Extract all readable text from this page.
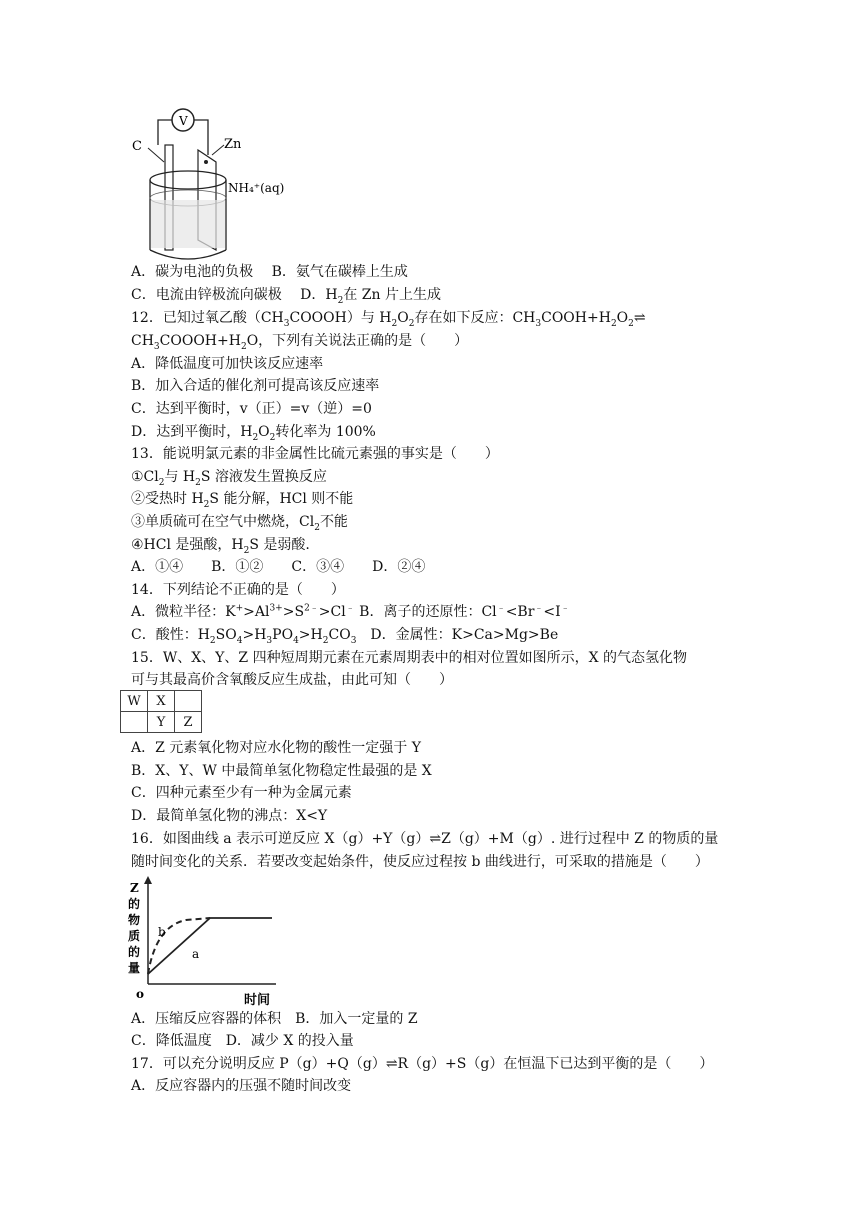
V
C	Zn
NH₄⁺(aq)
A．碳为电池的负极　 B．氨气在碳棒上生成
C．电流由锌极流向碳极　 D．$H_2$在 Zn 片上生成
12．已知过氧乙酸$(CH_3COOOH)$与 $H_2O_2$存在如下反应：$CH_3COOH+H_2O_2\rightleftharpoons$
$CH_3COOOH+H_2O$，下列有关说法正确的是（　　）
A．降低温度可加快该反应速率
B．加入合适的催化剂可提高该反应速率
C．达到平衡时，v（正）=v（逆）=0
D．达到平衡时，$H_2O_2$转化率为 100%
13．能说明氯元素的非金属性比硫元素强的事实是（　　）
$①Cl_2$与 $H_2S$ 溶液发生置换反应
②受热时 $H_2S$ 能分解，HCl 则不能
③单质硫可在空气中燃烧，$Cl_2$不能
④HCl 是强酸，$H_2S$ 是弱酸.
A．①④　　B．①②　　C．③④　　D．②④
14．下列结论不正确的是（　　）
A．微粒半径：$K^+>Al^{3+}>S^{2﹣}>Cl^﹣$ B．离子的还原性：Cl﹣<Br﹣<I﹣
C．酸性：$H_2SO_4>H_3PO_4>H_2CO_3$　D．金属性：K>Ca>Mg>Be
15．W、X、Y、Z 四种短周期元素在元素周期表中的相对位置如图所示，X 的气态氢化物
可与其最高价含氧酸反应生成盐，由此可知（　　）
W	X	
	Y	Z
A．Z 元素氧化物对应水化物的酸性一定强于 Y
B．X、Y、W 中最简单氢化物稳定性最强的是 X
C．四种元素至少有一种为金属元素
D．最简单氢化物的沸点：X<Y
16．如图曲线 a 表示可逆反应 X（g）+Y（g）⇌Z（g）+M（g）. 进行过程中 Z 的物质的量
随时间变化的关系．若要改变起始条件，使反应过程按 b 曲线进行，可采取的措施是（　　）
Z 的物质的量
o	时间
a
b
A．压缩反应容器的体积　B．加入一定量的 Z
C．降低温度　D．减少 X 的投入量
17．可以充分说明反应 P（g）+Q（g）⇌R（g）+S（g）在恒温下已达到平衡的是（　　）
A．反应容器内的压强不随时间改变
